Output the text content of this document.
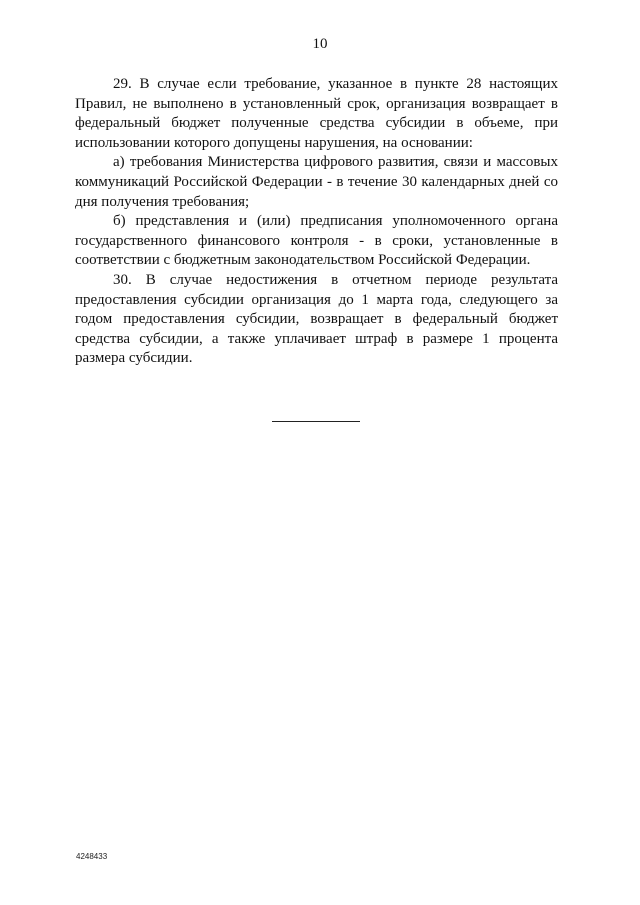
10

29. В случае если требование, указанное в пункте 28 настоящих Правил, не выполнено в установленный срок, организация возвращает в федеральный бюджет полученные средства субсидии в объеме, при использовании которого допущены нарушения, на основании:

а) требования Министерства цифрового развития, связи и массовых коммуникаций Российской Федерации - в течение 30 календарных дней со дня получения требования;

б) представления и (или) предписания уполномоченного органа государственного финансового контроля - в сроки, установленные в соответствии с бюджетным законодательством Российской Федерации.

30. В случае недостижения в отчетном периоде результата предоставления субсидии организация до 1 марта года, следующего за годом предоставления субсидии, возвращает в федеральный бюджет средства субсидии, а также уплачивает штраф в размере 1 процента размера субсидии.

4248433
